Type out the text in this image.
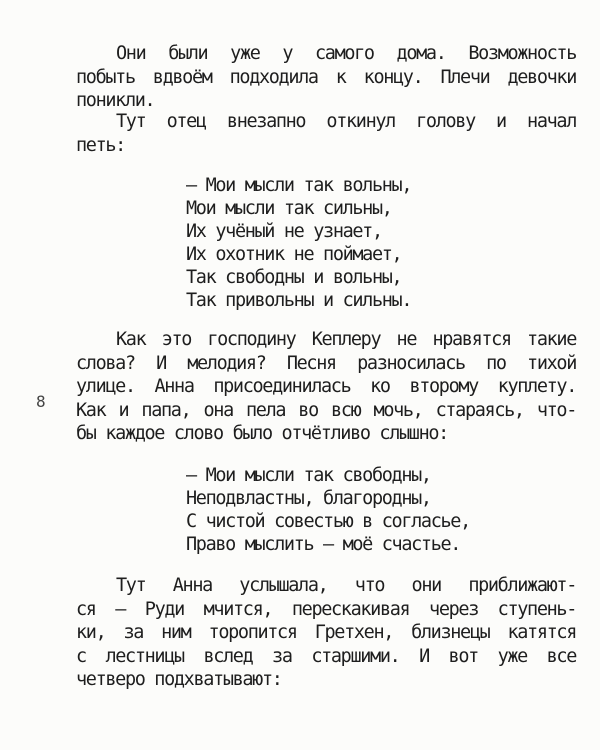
8
Они были уже у самого дома. Возможность
побыть вдвоём подходила к концу. Плечи девочки
поникли.
Тут отец внезапно откинул голову и начал
петь:
— Мои мысли так вольны,
Мои мысли так сильны,
Их учёный не узнает,
Их охотник не поймает,
Так свободны и вольны,
Так привольны и сильны.
Как это господину Кеплеру не нравятся такие
слова? И мелодия? Песня разносилась по тихой
улице. Анна присоединилась ко второму куплету.
Как и папа, она пела во всю мочь, стараясь, что-
бы каждое слово было отчётливо слышно:
— Мои мысли так свободны,
Неподвластны, благородны,
С чистой совестью в согласье,
Право мыслить — моё счастье.
Тут Анна услышала, что они приближают-
ся — Руди мчится, перескакивая через ступень-
ки, за ним торопится Гретхен, близнецы катятся
с лестницы вслед за старшими. И вот уже все
четверо подхватывают:
